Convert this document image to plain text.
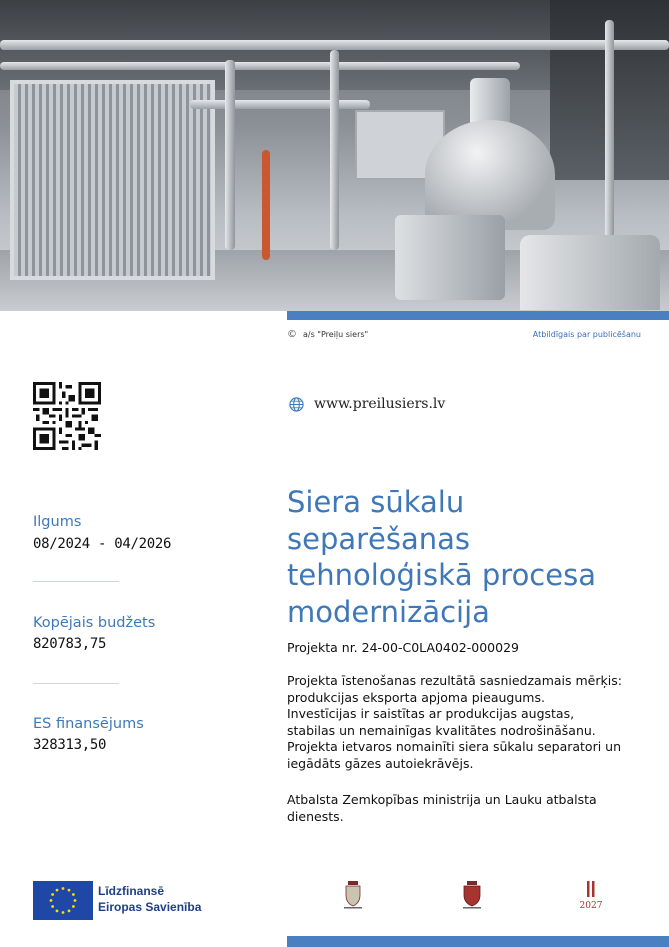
© a/s "Preiļu siers"	Atbildīgais par publicēšanu
www.preilusiers.lv
Ilgums
08/2024 - 04/2026
Kopējais budžets
820783,75
ES finansējums
328313,50
Siera sūkalu
separēšanas
tehnoloģiskā procesa
modernizācija
Projekta nr. 24-00-C0LA0402-000029
Projekta īstenošanas rezultātā sasniedzamais mērķis:
produkcijas eksporta apjoma pieaugums.
Investīcijas ir saistītas ar produkcijas augstas,
stabilas un nemainīgas kvalitātes nodrošināšanu.
Projekta ietvaros nomainīti siera sūkalu separatori un
iegādāts gāzes autoiekrāvējs.
Atbalsta Zemkopības ministrija un Lauku atbalsta
dienests.
Līdzfinansē
Eiropas Savienība	2027
